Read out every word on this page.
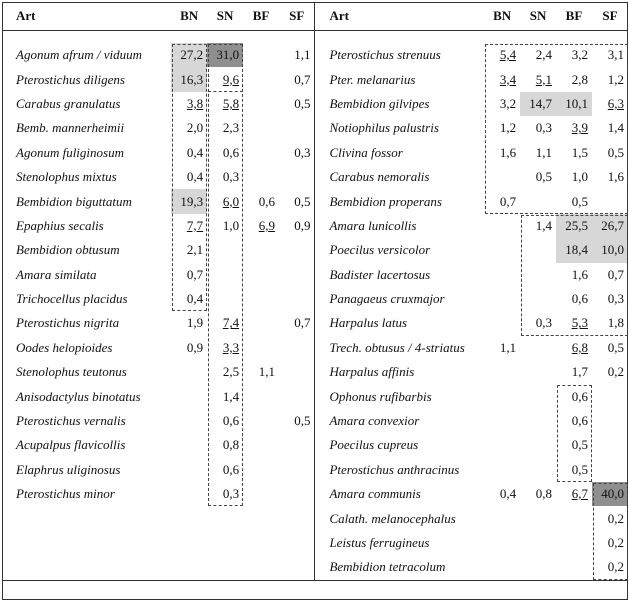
Art	BN	SN	BF	SF	Art	BN	SN	BF	SF

Agonum afrum / viduum	27,2	31,0		1,1	Pterostichus strenuus	5,4	2,4	3,2	3,1
Pterostichus diligens	16,3	9,6		0,7	Pter. melanarius	3,4	5,1	2,8	1,2
Carabus granulatus	3,8	5,8		0,5	Bembidion gilvipes	3,2	14,7	10,1	6,3
Bemb. mannerheimii	2,0	2,3			Notiophilus palustris	1,2	0,3	3,9	1,4
Agonum fuliginosum	0,4	0,6		0,3	Clivina fossor	1,6	1,1	1,5	0,5
Stenolophus mixtus	0,4	0,3			Carabus nemoralis		0,5	1,0	1,6
Bembidion biguttatum	19,3	6,0	0,6	0,5	Bembidion properans	0,7		0,5	
Epaphius secalis	7,7	1,0	6,9	0,9	Amara lunicollis		1,4	25,5	26,7
Bembidion obtusum	2,1				Poecilus versicolor			18,4	10,0
Amara similata	0,7				Badister lacertosus			1,6	0,7
Trichocellus placidus	0,4				Panagaeus cruxmajor			0,6	0,3
Pterostichus nigrita	1,9	7,4		0,7	Harpalus latus		0,3	5,3	1,8
Oodes helopioides	0,9	3,3			Trech. obtusus / 4-striatus	1,1		6,8	0,5
Stenolophus teutonus		2,5	1,1		Harpalus affinis			1,7	0,2
Anisodactylus binotatus		1,4			Ophonus rufibarbis			0,6	
Pterostichus vernalis		0,6		0,5	Amara convexior			0,6	
Acupalpus flavicollis		0,8			Poecilus cupreus			0,5	
Elaphrus uliginosus		0,6			Pterostichus anthracinus			0,5	
Pterostichus minor		0,3			Amara communis	0,4	0,8	6,7	40,0
					Calath. melanocephalus				0,2
					Leistus ferrugineus				0,2
					Bembidion tetracolum				0,2
